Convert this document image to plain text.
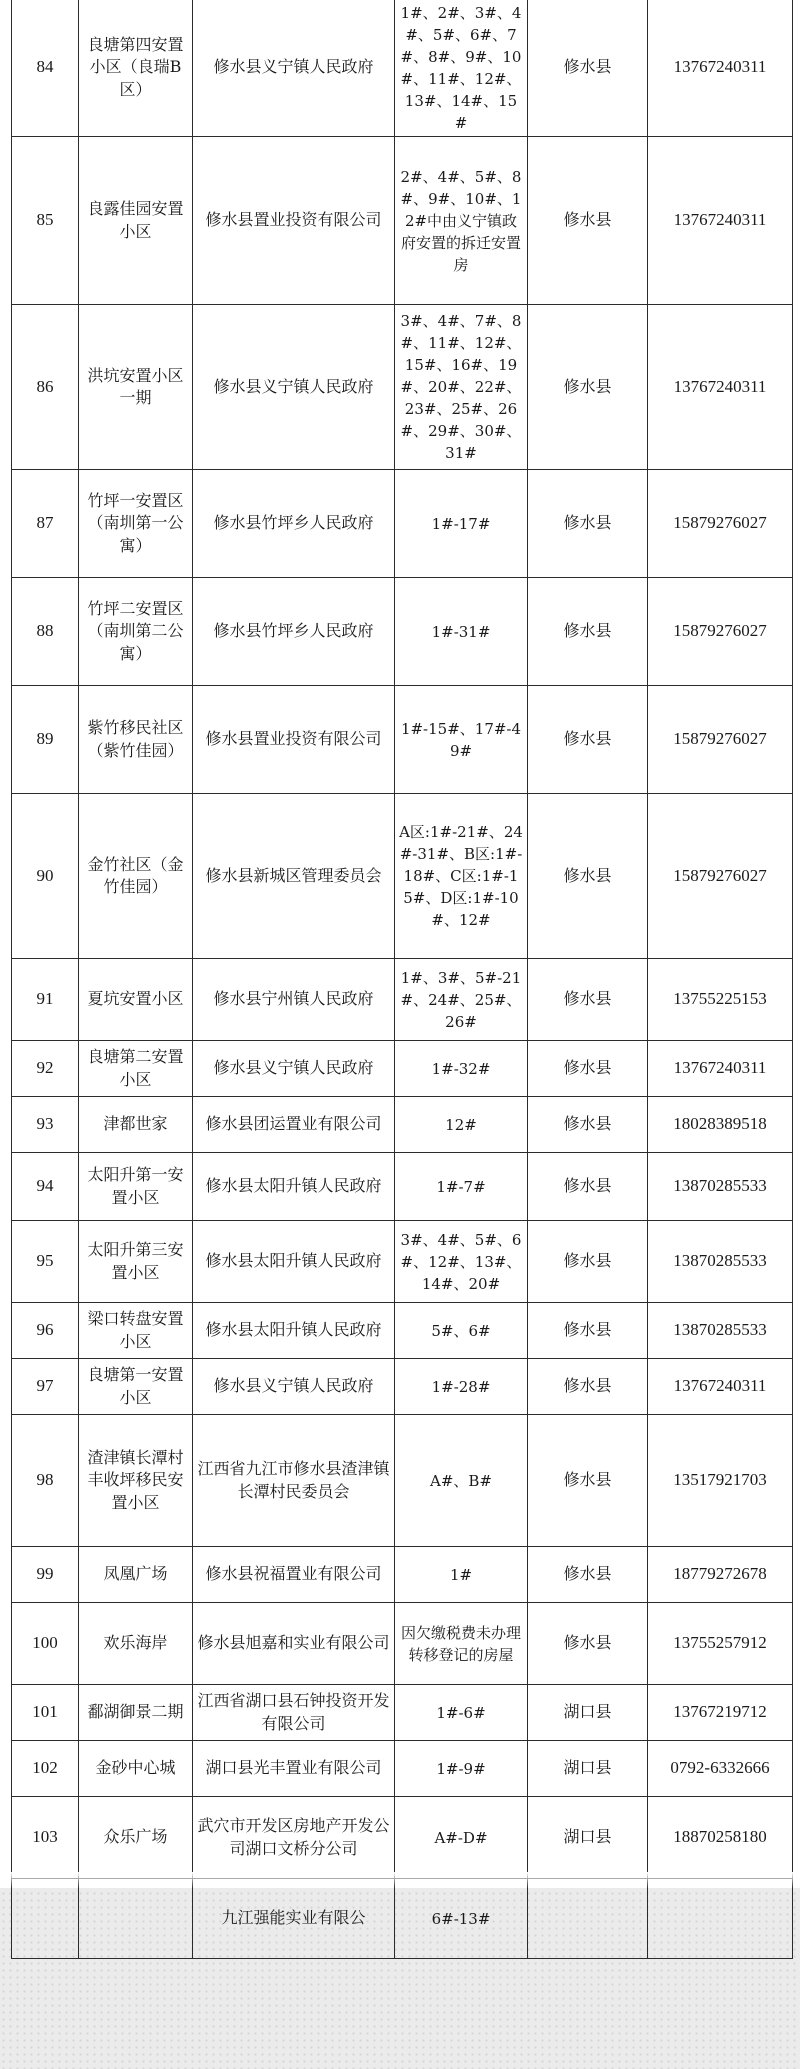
84	良塘第四安置小区（良瑞B区）	修水县义宁镇人民政府	1#、2#、3#、4#、5#、6#、7#、8#、9#、10#、11#、12#、13#、14#、15#	修水县	13767240311
85	良露佳园安置小区	修水县置业投资有限公司	2#、4#、5#、8#、9#、10#、12#中由义宁镇政府安置的拆迁安置房	修水县	13767240311
86	洪坑安置小区一期	修水县义宁镇人民政府	3#、4#、7#、8#、11#、12#、15#、16#、19#、20#、22#、23#、25#、26#、29#、30#、31#	修水县	13767240311
87	竹坪一安置区（南圳第一公寓）	修水县竹坪乡人民政府	1#-17#	修水县	15879276027
88	竹坪二安置区（南圳第二公寓）	修水县竹坪乡人民政府	1#-31#	修水县	15879276027
89	紫竹移民社区（紫竹佳园）	修水县置业投资有限公司	1#-15#、17#-49#	修水县	15879276027
90	金竹社区（金竹佳园）	修水县新城区管理委员会	A区:1#-21#、24#-31#、B区:1#-18#、C区:1#-15#、D区:1#-10#、12#	修水县	15879276027
91	夏坑安置小区	修水县宁州镇人民政府	1#、3#、5#-21#、24#、25#、26#	修水县	13755225153
92	良塘第二安置小区	修水县义宁镇人民政府	1#-32#	修水县	13767240311
93	津都世家	修水县团运置业有限公司	12#	修水县	18028389518
94	太阳升第一安置小区	修水县太阳升镇人民政府	1#-7#	修水县	13870285533
95	太阳升第三安置小区	修水县太阳升镇人民政府	3#、4#、5#、6#、12#、13#、14#、20#	修水县	13870285533
96	梁口转盘安置小区	修水县太阳升镇人民政府	5#、6#	修水县	13870285533
97	良塘第一安置小区	修水县义宁镇人民政府	1#-28#	修水县	13767240311
98	渣津镇长潭村丰收坪移民安置小区	江西省九江市修水县渣津镇长潭村民委员会	A#、B#	修水县	13517921703
99	凤凰广场	修水县祝福置业有限公司	1#	修水县	18779272678
100	欢乐海岸	修水县旭嘉和实业有限公司	因欠缴税费未办理转移登记的房屋	修水县	13755257912
101	鄱湖御景二期	江西省湖口县石钟投资开发有限公司	1#-6#	湖口县	13767219712
102	金砂中心城	湖口县光丰置业有限公司	1#-9#	湖口县	0792-6332666
103	众乐广场	武穴市开发区房地产开发公司湖口文桥分公司	A#-D#	湖口县	18870258180
		九江强能实业有限公	6#-13#		
